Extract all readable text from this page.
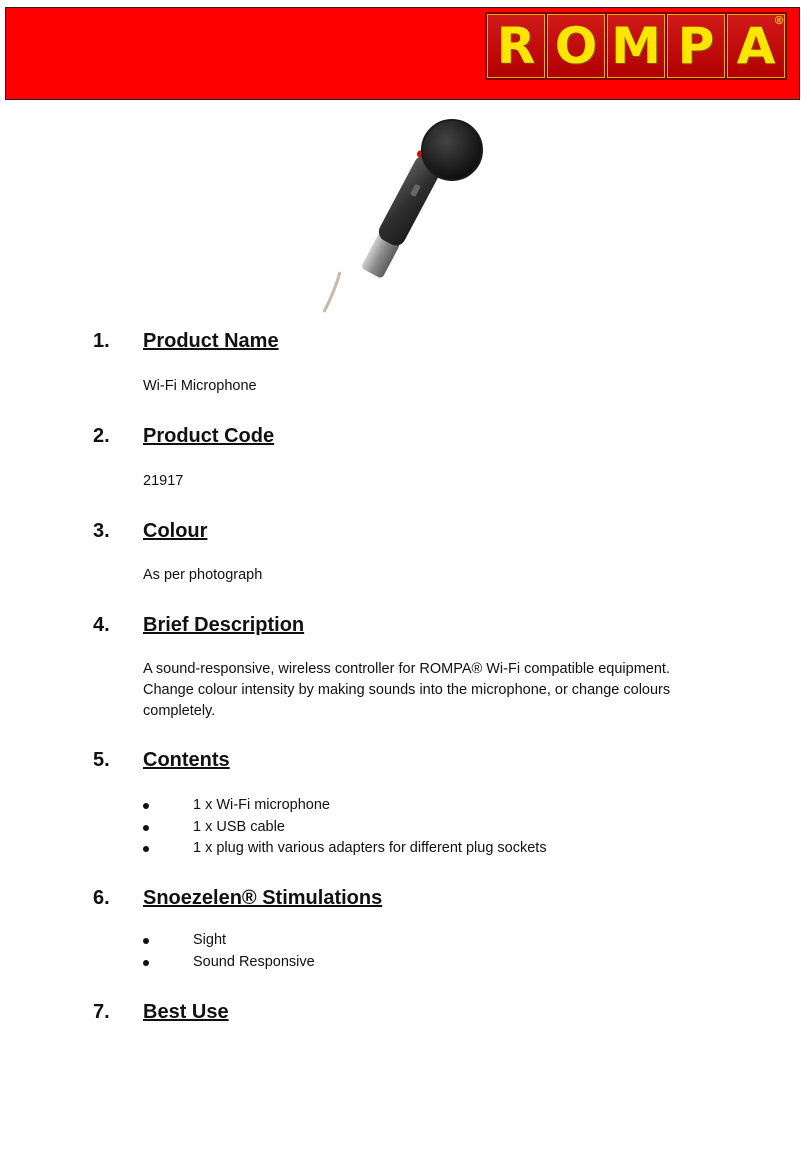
R O M P A ®
1. Product Name
Wi-Fi Microphone
2. Product Code
21917
3. Colour
As per photograph
4. Brief Description
A sound-responsive, wireless controller for ROMPA® Wi-Fi compatible equipment.
Change colour intensity by making sounds into the microphone, or change colours
completely.
5. Contents
1 x Wi-Fi microphone
1 x USB cable
1 x plug with various adapters for different plug sockets
6. Snoezelen® Stimulations
Sight
Sound Responsive
7. Best Use
